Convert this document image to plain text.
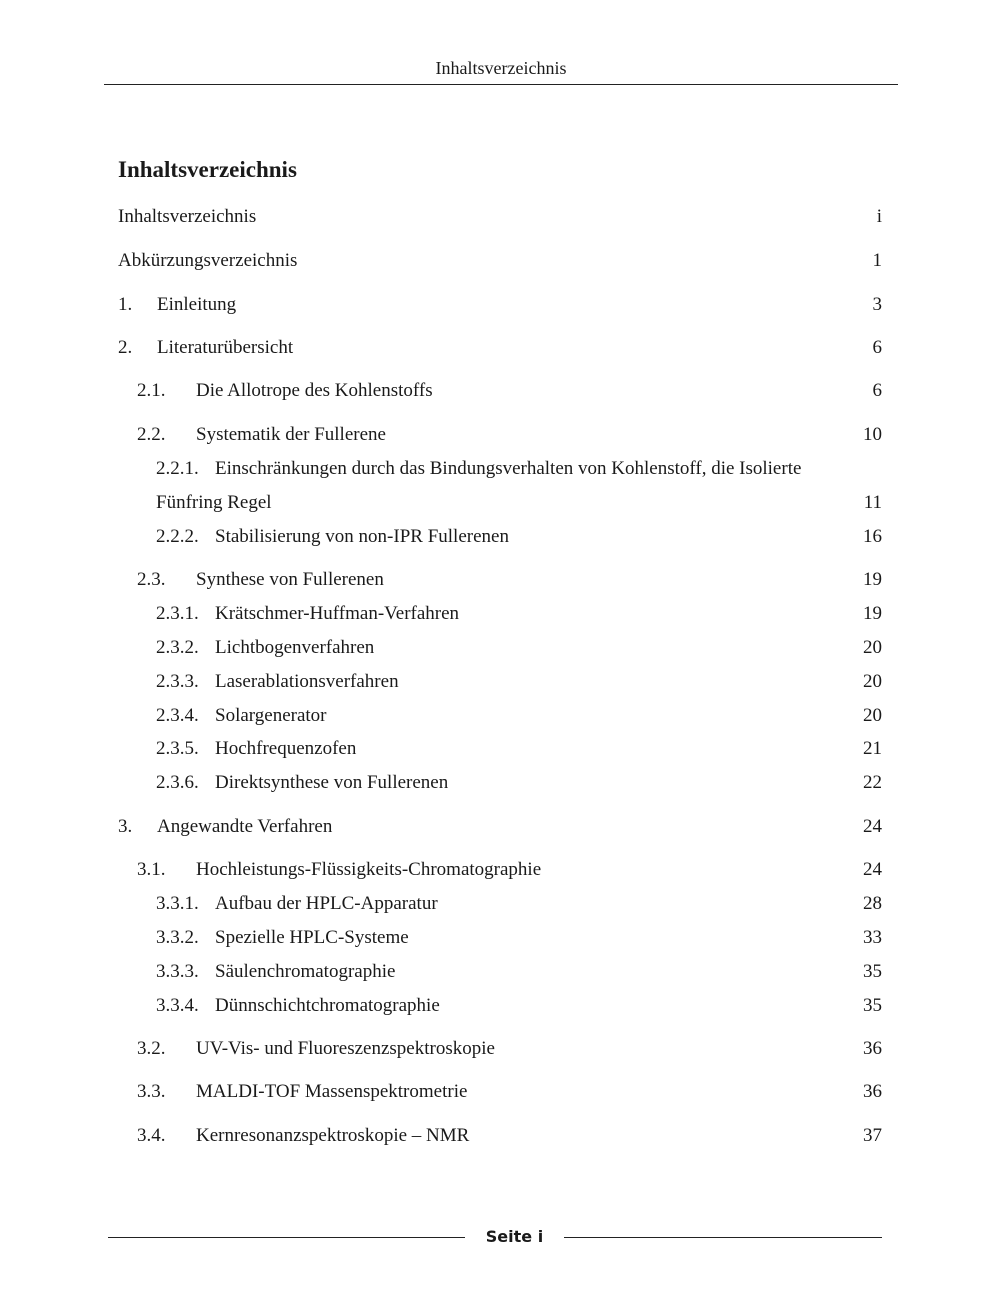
Inhaltsverzeichnis
Inhaltsverzeichnis
Inhaltsverzeichnis	i
Abkürzungsverzeichnis	1
1. Einleitung	3
2. Literaturübersicht	6
2.1. Die Allotrope des Kohlenstoffs	6
2.2. Systematik der Fullerene	10
2.2.1. Einschränkungen durch das Bindungsverhalten von Kohlenstoff, die Isolierte
Fünfring Regel	11
2.2.2. Stabilisierung von non-IPR Fullerenen	16
2.3. Synthese von Fullerenen	19
2.3.1. Krätschmer-Huffman-Verfahren	19
2.3.2. Lichtbogenverfahren	20
2.3.3. Laserablationsverfahren	20
2.3.4. Solargenerator	20
2.3.5. Hochfrequenzofen	21
2.3.6. Direktsynthese von Fullerenen	22
3. Angewandte Verfahren	24
3.1. Hochleistungs-Flüssigkeits-Chromatographie	24
3.3.1. Aufbau der HPLC-Apparatur	28
3.3.2. Spezielle HPLC-Systeme	33
3.3.3. Säulenchromatographie	35
3.3.4. Dünnschichtchromatographie	35
3.2. UV-Vis- und Fluoreszenzspektroskopie	36
3.3. MALDI-TOF Massenspektrometrie	36
3.4. Kernresonanzspektroskopie – NMR	37
Seite i
